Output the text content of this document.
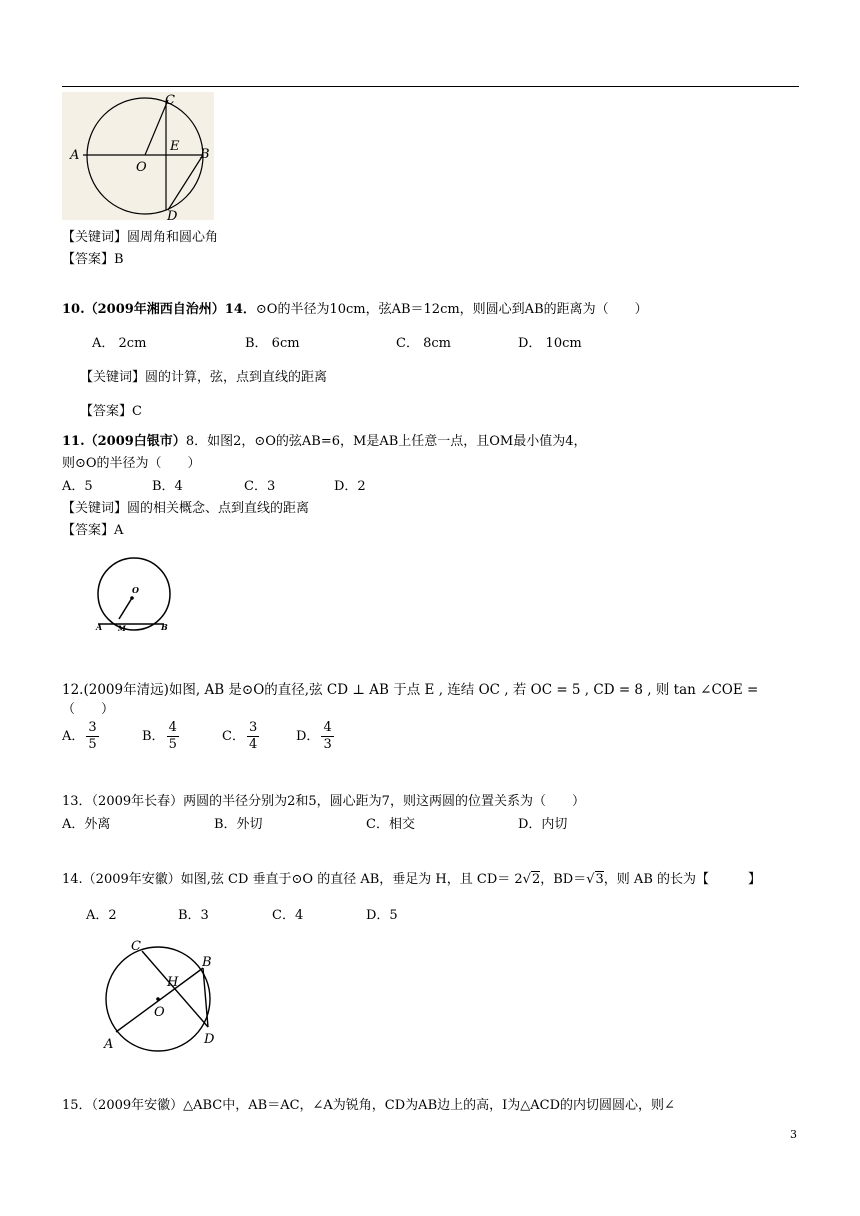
C
A
O
E
B
D
【关键词】圆周角和圆心角
【答案】B
10.（2009年湘西自治州）14．⊙O的半径为10cm，弦AB＝12cm，则圆心到AB的距离为（　　）
A． 2cm	B． 6cm	C． 8cm	D． 10cm
【关键词】圆的计算，弦，点到直线的距离
【答案】C
11.（2009白银市）8．如图2，⊙O的弦AB=6，M是AB上任意一点，且OM最小值为4，
则⊙O的半径为（　　）
A．5	B．4	C．3	D．2
【关键词】圆的相关概念、点到直线的距离
【答案】A
O
A M	B
12.(2009年清远)如图, AB 是⊙O的直径,弦 CD ⊥ AB 于点 E , 连结 OC , 若 OC = 5 , CD = 8 , 则 tan ∠COE =
（　　）
A． $\frac{3}{5}$	B． $\frac{4}{5}$	C． $\frac{3}{4}$	D． $\frac{4}{3}$
13．（2009年长春）两圆的半径分别为2和5，圆心距为7，则这两圆的位置关系为（　　）
A．外离	B．外切	C．相交	D．内切
14.（2009年安徽）如图,弦 CD 垂直于⊙O 的直径 AB，垂足为 H，且 CD＝ 2√2，BD＝√3，则 AB 的长为【　　　】
A．2	B．3	C．4	D．5
C
H
B
O
A	D
15．（2009年安徽）△ABC中，AB＝AC，∠A为锐角，CD为AB边上的高，I为△ACD的内切圆圆心，则∠
3
